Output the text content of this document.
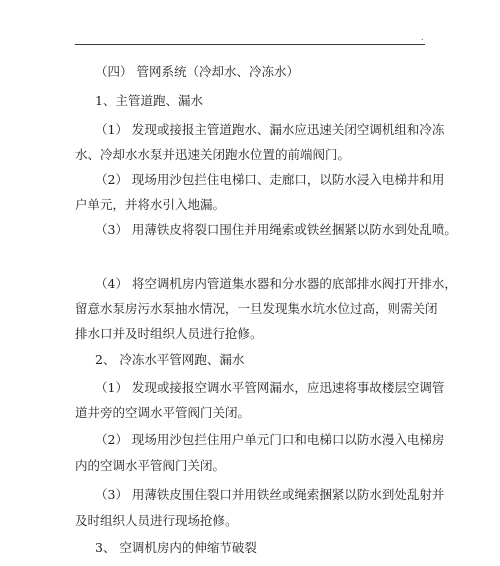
.
（四） 管网系统（冷却水、冷冻水）
1、主管道跑、漏水
（1） 发现或接报主管道跑水、漏水应迅速关闭空调机组和冷冻
水、冷却水水泵并迅速关闭跑水位置的前端阀门。
（2） 现场用沙包拦住电梯口、走廊口，以防水浸入电梯井和用
户单元，并将水引入地漏。
（3） 用薄铁皮将裂口围住并用绳索或铁丝捆紧以防水到处乱喷。
（4） 将空调机房内管道集水器和分水器的底部排水阀打开排水，
留意水泵房污水泵抽水情况，一旦发现集水坑水位过高，则需关闭
排水口并及时组织人员进行抢修。
2、 冷冻水平管网跑、漏水
（1） 发现或接报空调水平管网漏水，应迅速将事故楼层空调管
道井旁的空调水平管阀门关闭。
（2） 现场用沙包拦住用户单元门口和电梯口以防水漫入电梯房
内的空调水平管阀门关闭。
（3） 用薄铁皮围住裂口并用铁丝或绳索捆紧以防水到处乱射并
及时组织人员进行现场抢修。
3、 空调机房内的伸缩节破裂
